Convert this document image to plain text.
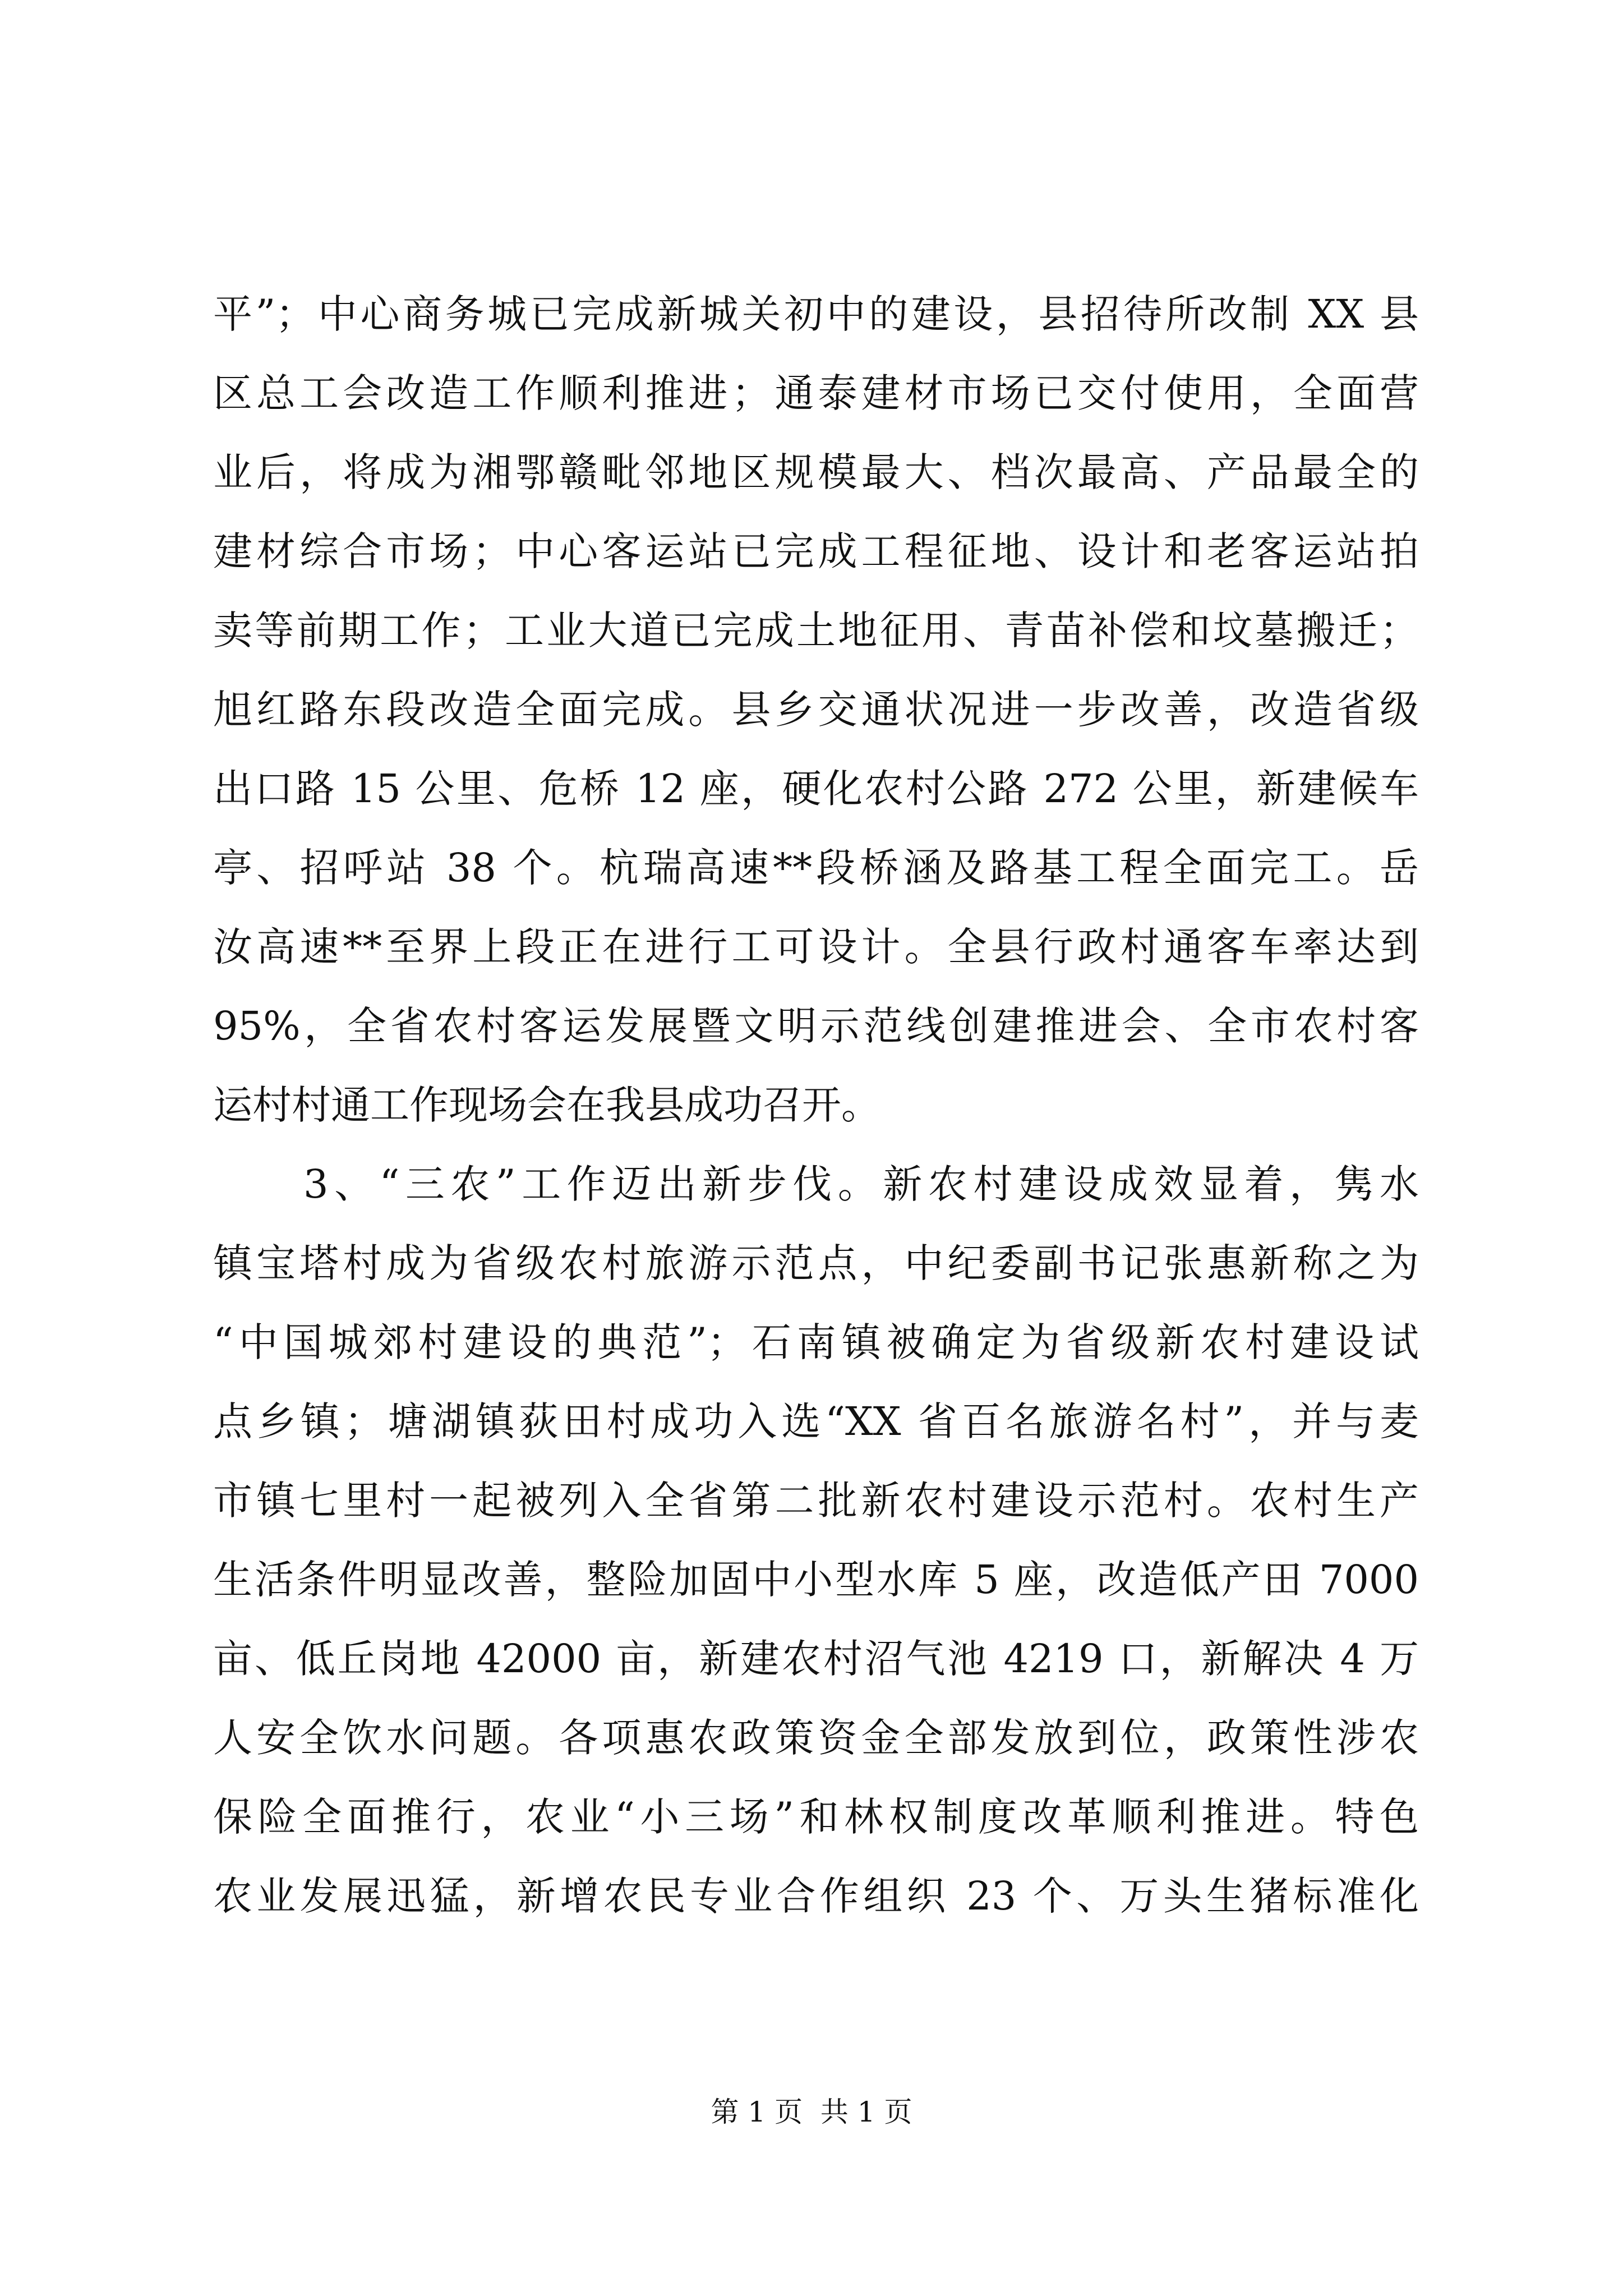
平”；中心商务城已完成新城关初中的建设，县招待所改制 XX 县
区总工会改造工作顺利推进；通泰建材市场已交付使用，全面营
业后，将成为湘鄂赣毗邻地区规模最大、档次最高、产品最全的
建材综合市场；中心客运站已完成工程征地、设计和老客运站拍
卖等前期工作；工业大道已完成土地征用、青苗补偿和坟墓搬迁；
旭红路东段改造全面完成。县乡交通状况进一步改善，改造省级
出口路 15 公里、危桥 12 座，硬化农村公路 272 公里，新建候车
亭、招呼站 38 个。杭瑞高速**段桥涵及路基工程全面完工。岳
汝高速**至界上段正在进行工可设计。全县行政村通客车率达到
95%，全省农村客运发展暨文明示范线创建推进会、全市农村客
运村村通工作现场会在我县成功召开。
　　3、“三农”工作迈出新步伐。新农村建设成效显着，隽水
镇宝塔村成为省级农村旅游示范点，中纪委副书记张惠新称之为
“中国城郊村建设的典范”；石南镇被确定为省级新农村建设试
点乡镇；塘湖镇荻田村成功入选“XX 省百名旅游名村”，并与麦
市镇七里村一起被列入全省第二批新农村建设示范村。农村生产
生活条件明显改善，整险加固中小型水库 5 座，改造低产田 7000
亩、低丘岗地 42000 亩，新建农村沼气池 4219 口，新解决 4 万
人安全饮水问题。各项惠农政策资金全部发放到位，政策性涉农
保险全面推行，农业“小三场”和林权制度改革顺利推进。特色
农业发展迅猛，新增农民专业合作组织 23 个、万头生猪标准化
第 1 页  共 1 页
